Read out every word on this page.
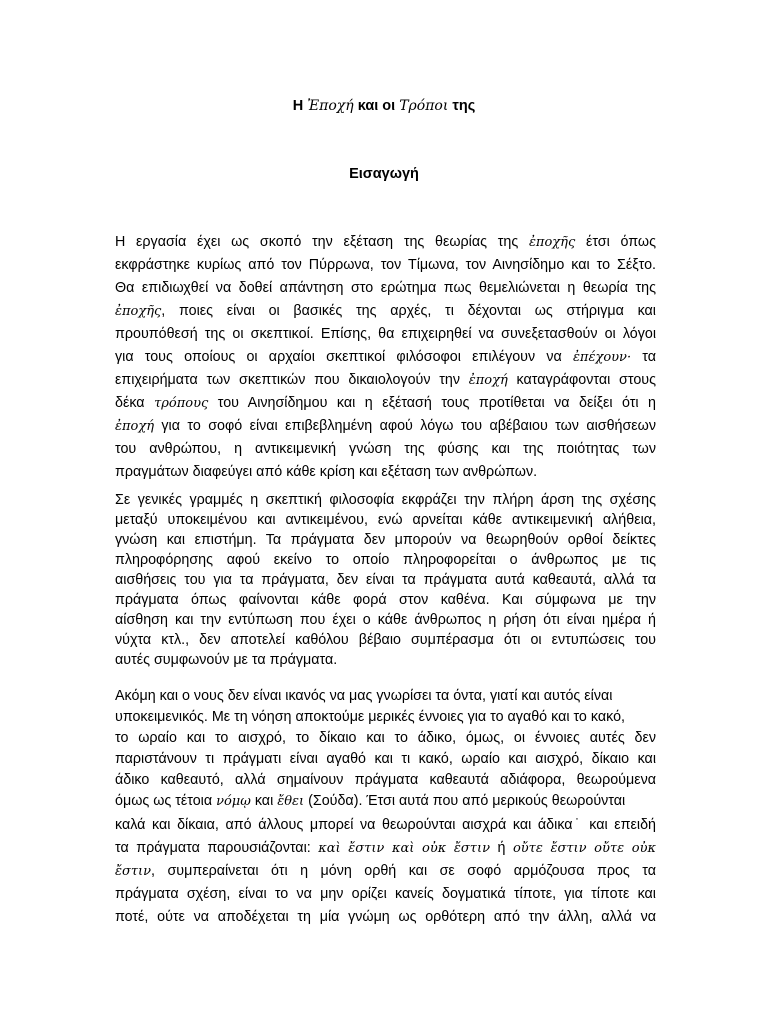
Η Ἐποχή και οι Τρόποι της
Εισαγωγή
Η εργασία έχει ως σκοπό την εξέταση της θεωρίας της ἐποχῆς έτσι όπως
εκφράστηκε κυρίως από τον Πύρρωνα, τον Τίμωνα, τον Αινησίδημο και το Σέξτο.
Θα επιδιωχθεί να δοθεί απάντηση στο ερώτημα πως θεμελιώνεται η θεωρία της
ἐποχῆς, ποιες είναι οι βασικές της αρχές, τι δέχονται ως στήριγμα και
προυπόθεσή της οι σκεπτικοί. Επίσης, θα επιχειρηθεί να συνεξετασθούν οι λόγοι
για τους οποίους οι αρχαίοι σκεπτικοί φιλόσοφοι επιλέγουν να ἐπέχουν· τα
επιχειρήματα των σκεπτικών που δικαιολογούν την ἐποχή καταγράφονται στους
δέκα τρόπους του Αινησίδημου και η εξέτασή τους προτίθεται να δείξει ότι η
ἐποχή για το σοφό είναι επιβεβλημένη αφού λόγω του αβέβαιου των αισθήσεων
του ανθρώπου, η αντικειμενική γνώση της φύσης και της ποιότητας των
πραγμάτων διαφεύγει από κάθε κρίση και εξέταση των ανθρώπων.
Σε γενικές γραμμές η σκεπτική φιλοσοφία εκφράζει την πλήρη άρση της σχέσης
μεταξύ υποκειμένου και αντικειμένου, ενώ αρνείται κάθε αντικειμενική αλήθεια,
γνώση και επιστήμη. Τα πράγματα δεν μπορούν να θεωρηθούν ορθοί δείκτες
πληροφόρησης αφού εκείνο το οποίο πληροφορείται ο άνθρωπος με τις
αισθήσεις του για τα πράγματα, δεν είναι τα πράγματα αυτά καθεαυτά, αλλά τα
πράγματα όπως φαίνονται κάθε φορά στον καθένα. Και σύμφωνα με την
αίσθηση και την εντύπωση που έχει ο κάθε άνθρωπος η ρήση ότι είναι ημέρα ή
νύχτα κτλ., δεν αποτελεί καθόλου βέβαιο συμπέρασμα ότι οι εντυπώσεις του
αυτές συμφωνούν με τα πράγματα.
Ακόμη και ο νους δεν είναι ικανός να μας γνωρίσει τα όντα, γιατί και αυτός είναι
υποκειμενικός. Με τη νόηση αποκτούμε μερικές έννοιες για το αγαθό και το κακό,
το ωραίο και το αισχρό, το δίκαιο και το άδικο, όμως, οι έννοιες αυτές δεν
παριστάνουν τι πράγματι είναι αγαθό και τι κακό, ωραίο και αισχρό, δίκαιο και
άδικο καθεαυτό, αλλά σημαίνουν πράγματα καθεαυτά αδιάφορα, θεωρούμενα
όμως ως τέτοια νόμῳ και ἔθει (Σούδα). Έτσι αυτά που από μερικούς θεωρούνται
καλά και δίκαια, από άλλους μπορεί να θεωρούνται αισχρά και άδικα˙ και επειδή
τα πράγματα παρουσιάζονται: καὶ ἔστιν καὶ οὐκ ἔστιν ή οὔτε ἔστιν οὔτε οὐκ
ἔστιν, συμπεραίνεται ότι η μόνη ορθή και σε σοφό αρμόζουσα προς τα
πράγματα σχέση, είναι το να μην ορίζει κανείς δογματικά τίποτε, για τίποτε και
ποτέ, ούτε να αποδέχεται τη μία γνώμη ως ορθότερη από την άλλη, αλλά να
